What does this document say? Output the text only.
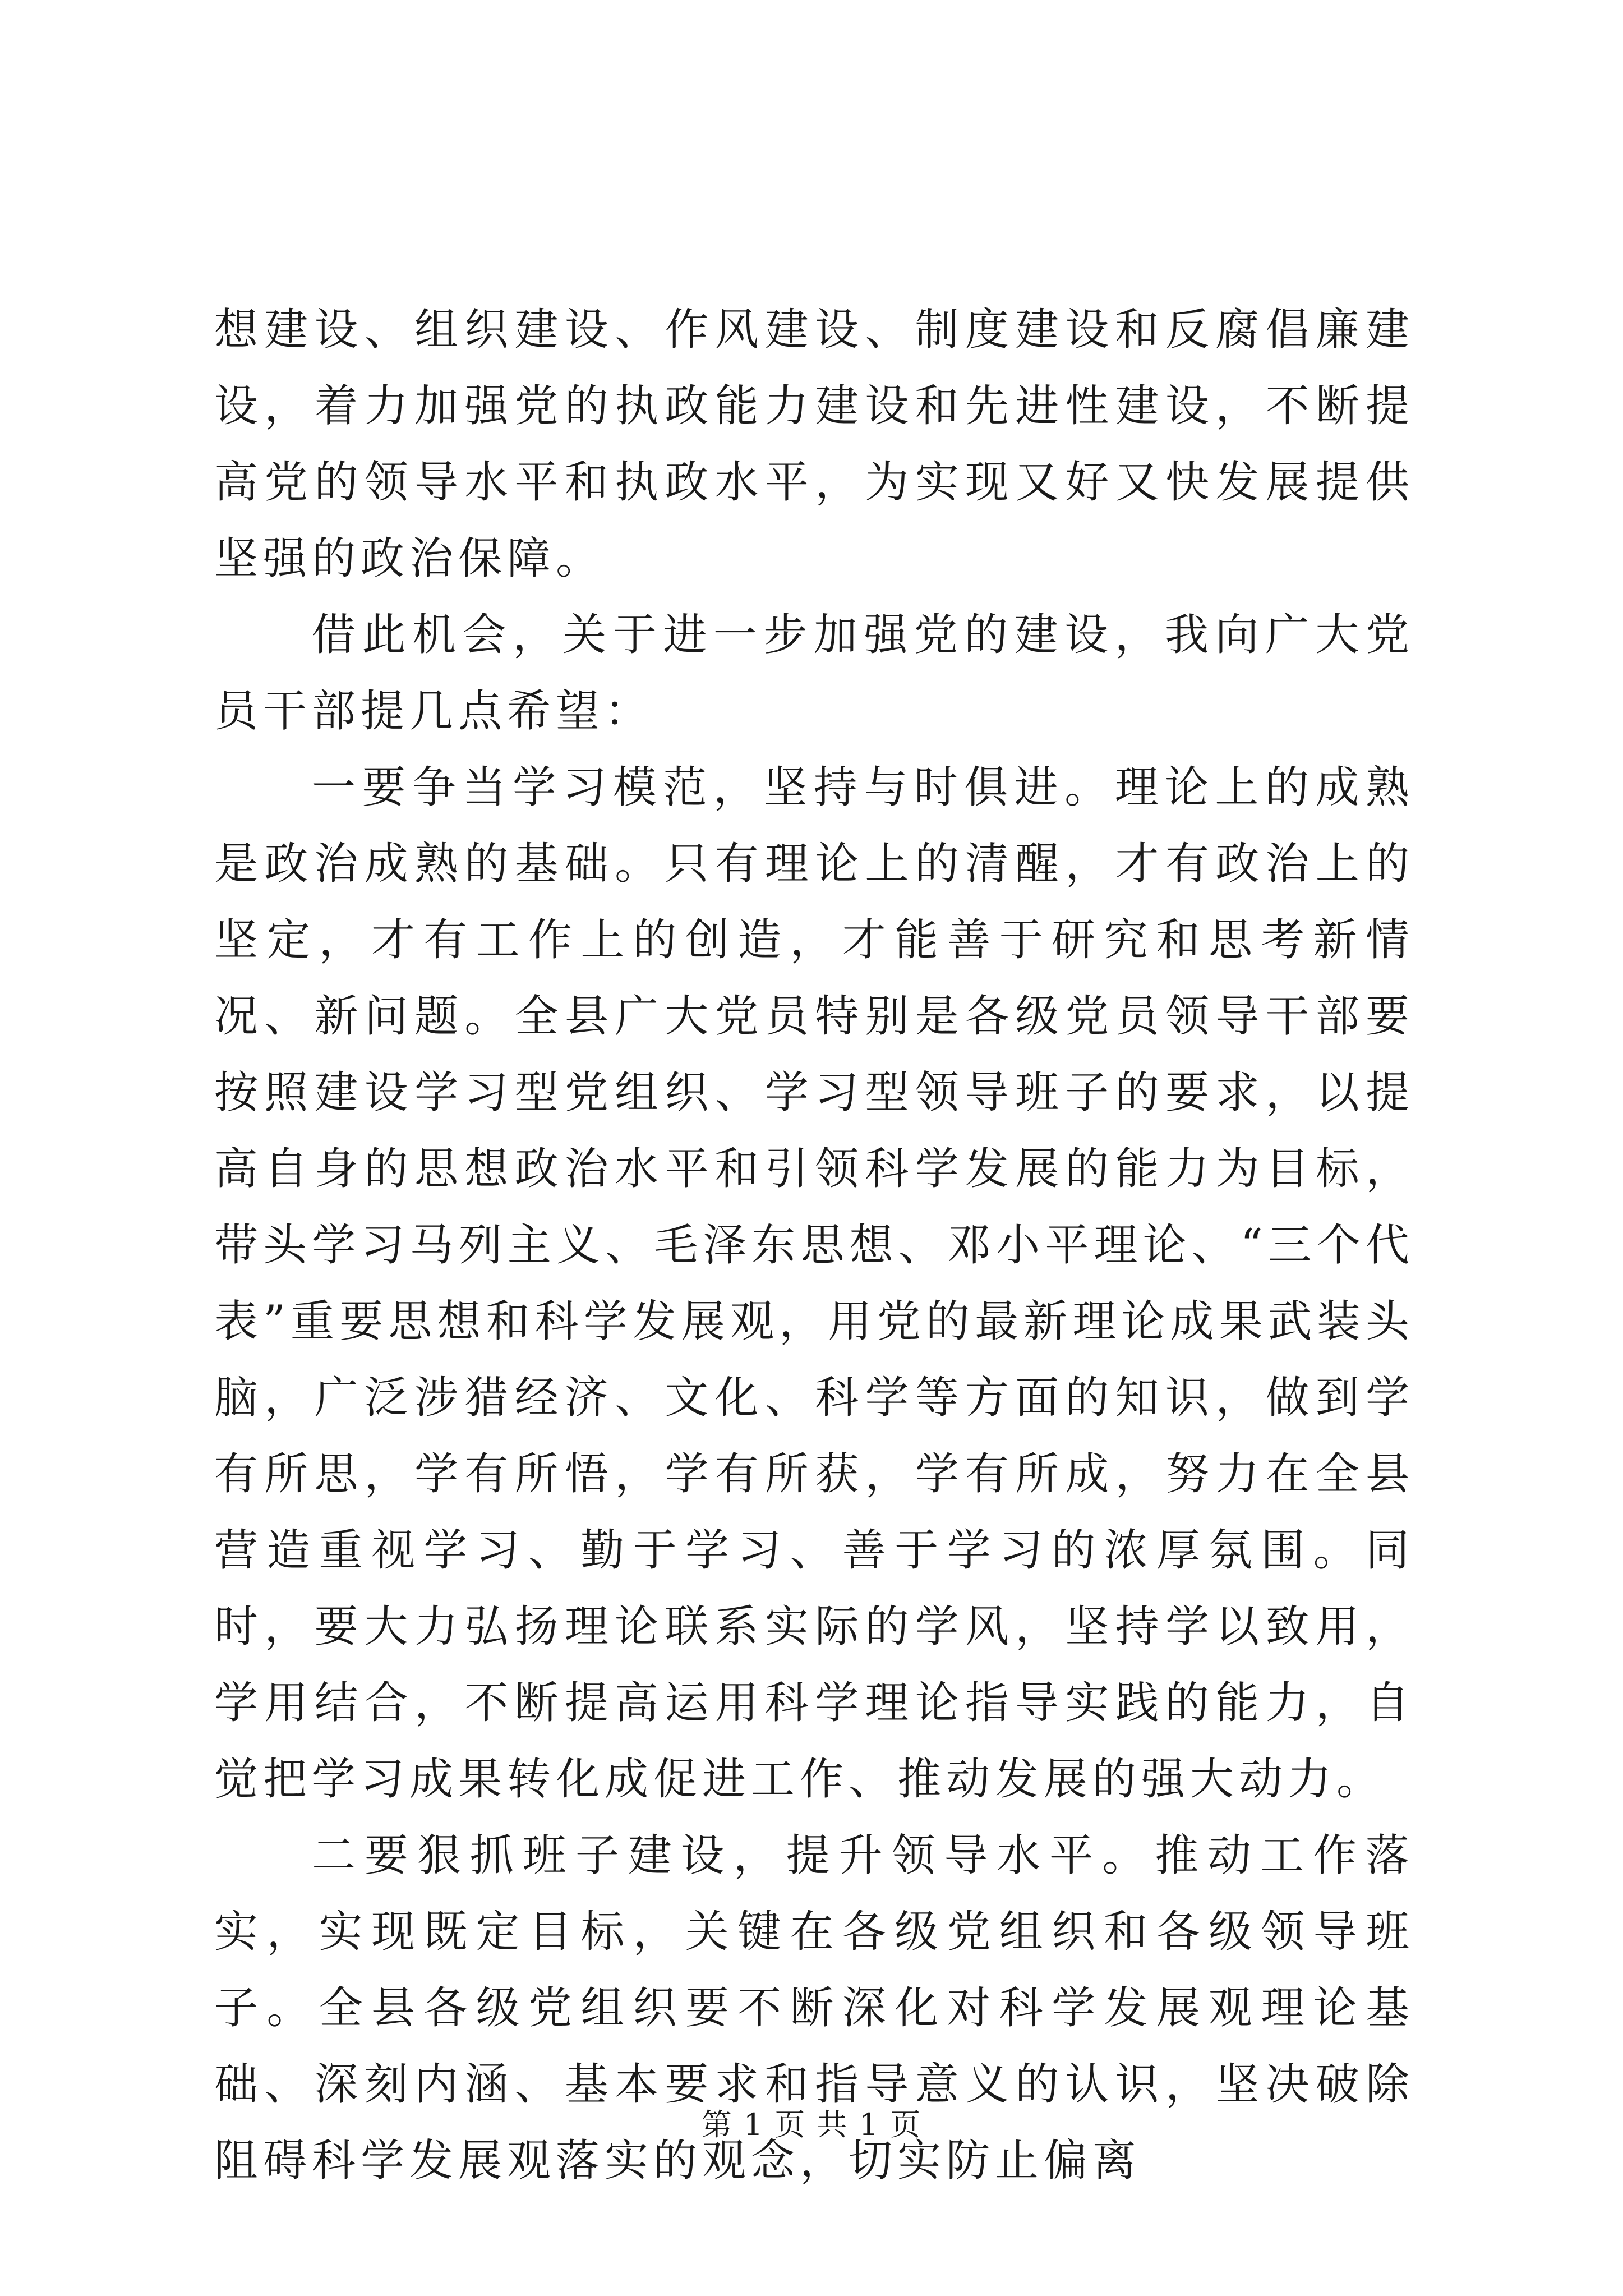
想建设、组织建设、作风建设、制度建设和反腐倡廉建设，着力加强党的执政能力建设和先进性建设，不断提高党的领导水平和执政水平，为实现又好又快发展提供坚强的政治保障。

借此机会，关于进一步加强党的建设，我向广大党员干部提几点希望：

一要争当学习模范，坚持与时俱进。理论上的成熟是政治成熟的基础。只有理论上的清醒，才有政治上的坚定，才有工作上的创造，才能善于研究和思考新情况、新问题。全县广大党员特别是各级党员领导干部要按照建设学习型党组织、学习型领导班子的要求，以提高自身的思想政治水平和引领科学发展的能力为目标，带头学习马列主义、毛泽东思想、邓小平理论、“三个代表”重要思想和科学发展观，用党的最新理论成果武装头脑，广泛涉猎经济、文化、科学等方面的知识，做到学有所思，学有所悟，学有所获，学有所成，努力在全县营造重视学习、勤于学习、善于学习的浓厚氛围。同时，要大力弘扬理论联系实际的学风，坚持学以致用，学用结合，不断提高运用科学理论指导实践的能力，自觉把学习成果转化成促进工作、推动发展的强大动力。

二要狠抓班子建设，提升领导水平。推动工作落实，实现既定目标，关键在各级党组织和各级领导班子。全县各级党组织要不断深化对科学发展观理论基础、深刻内涵、基本要求和指导意义的认识，坚决破除阻碍科学发展观落实的观念，切实防止偏离

第 1 页 共 1 页
